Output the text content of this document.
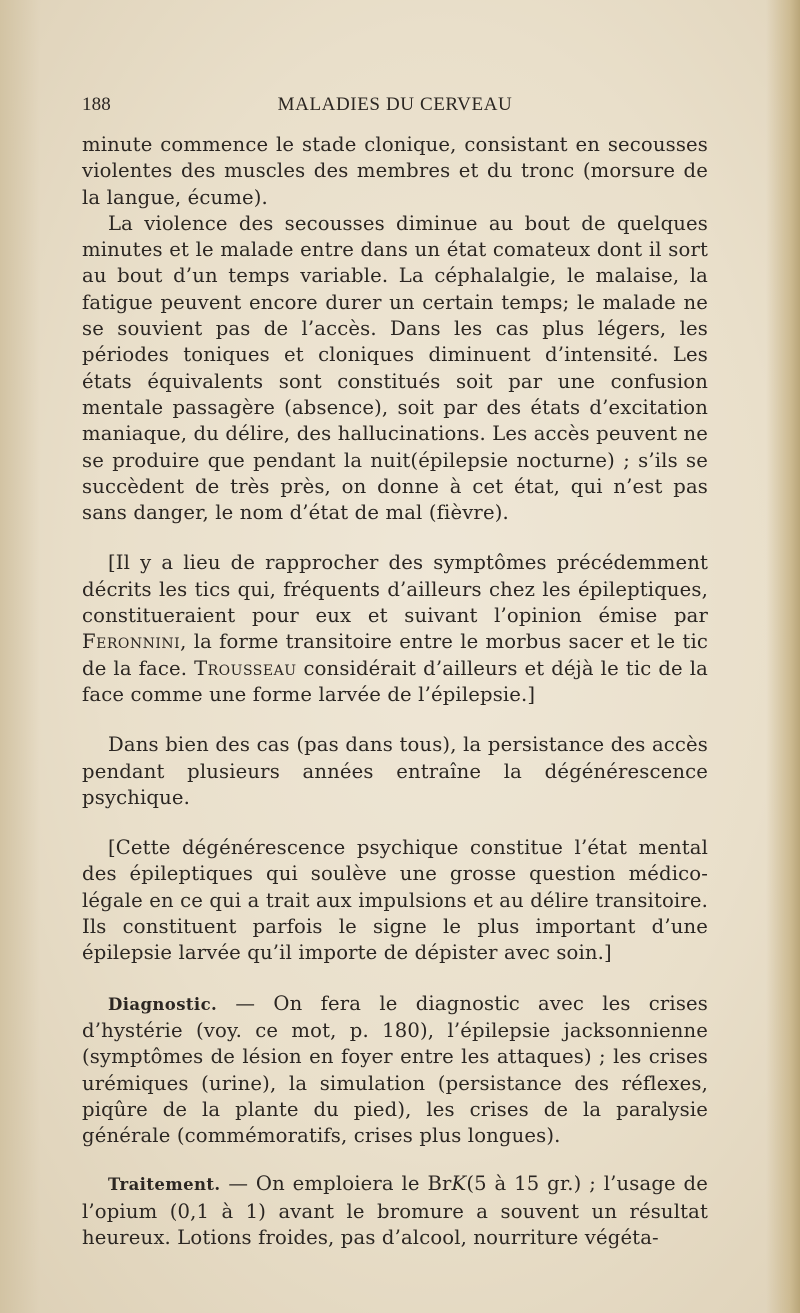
188	MALADIES DU CERVEAU

minute commence le stade clonique, consistant en secousses violentes des muscles des membres et du tronc (morsure de la langue, écume).

La violence des secousses diminue au bout de quelques minutes et le malade entre dans un état comateux dont il sort au bout d’un temps variable. La céphalalgie, le malaise, la fatigue peuvent encore durer un certain temps; le malade ne se souvient pas de l’accès. Dans les cas plus légers, les périodes toniques et cloniques diminuent d’intensité. Les états équivalents sont constitués soit par une confusion mentale passagère (absence), soit par des états d’excitation maniaque, du délire, des hallucinations. Les accès peuvent ne se produire que pendant la nuit(épilepsie nocturne) ; s’ils se succèdent de très près, on donne à cet état, qui n’est pas sans danger, le nom d’état de mal (fièvre).

[Il y a lieu de rapprocher des symptômes précédemment décrits les tics qui, fréquents d’ailleurs chez les épileptiques, constitueraient pour eux et suivant l’opinion émise par Feronnini, la forme transitoire entre le morbus sacer et le tic de la face. Trousseau considérait d’ailleurs et déjà le tic de la face comme une forme larvée de l’épilepsie.]

Dans bien des cas (pas dans tous), la persistance des accès pendant plusieurs années entraîne la dégénérescence psychique.

[Cette dégénérescence psychique constitue l’état mental des épileptiques qui soulève une grosse question médico-légale en ce qui a trait aux impulsions et au délire transitoire. Ils constituent parfois le signe le plus important d’une épilepsie larvée qu’il importe de dépister avec soin.]

Diagnostic. — On fera le diagnostic avec les crises d’hystérie (voy. ce mot, p. 180), l’épilepsie jacksonnienne (symptômes de lésion en foyer entre les attaques) ; les crises urémiques (urine), la simulation (persistance des réflexes, piqûre de la plante du pied), les crises de la paralysie générale (commémoratifs, crises plus longues).

Traitement. — On emploiera le BrK(5 à 15 gr.) ; l’usage de l’opium (0,1 à 1) avant le bromure a souvent un résultat heureux. Lotions froides, pas d’alcool, nourriture végéta-
